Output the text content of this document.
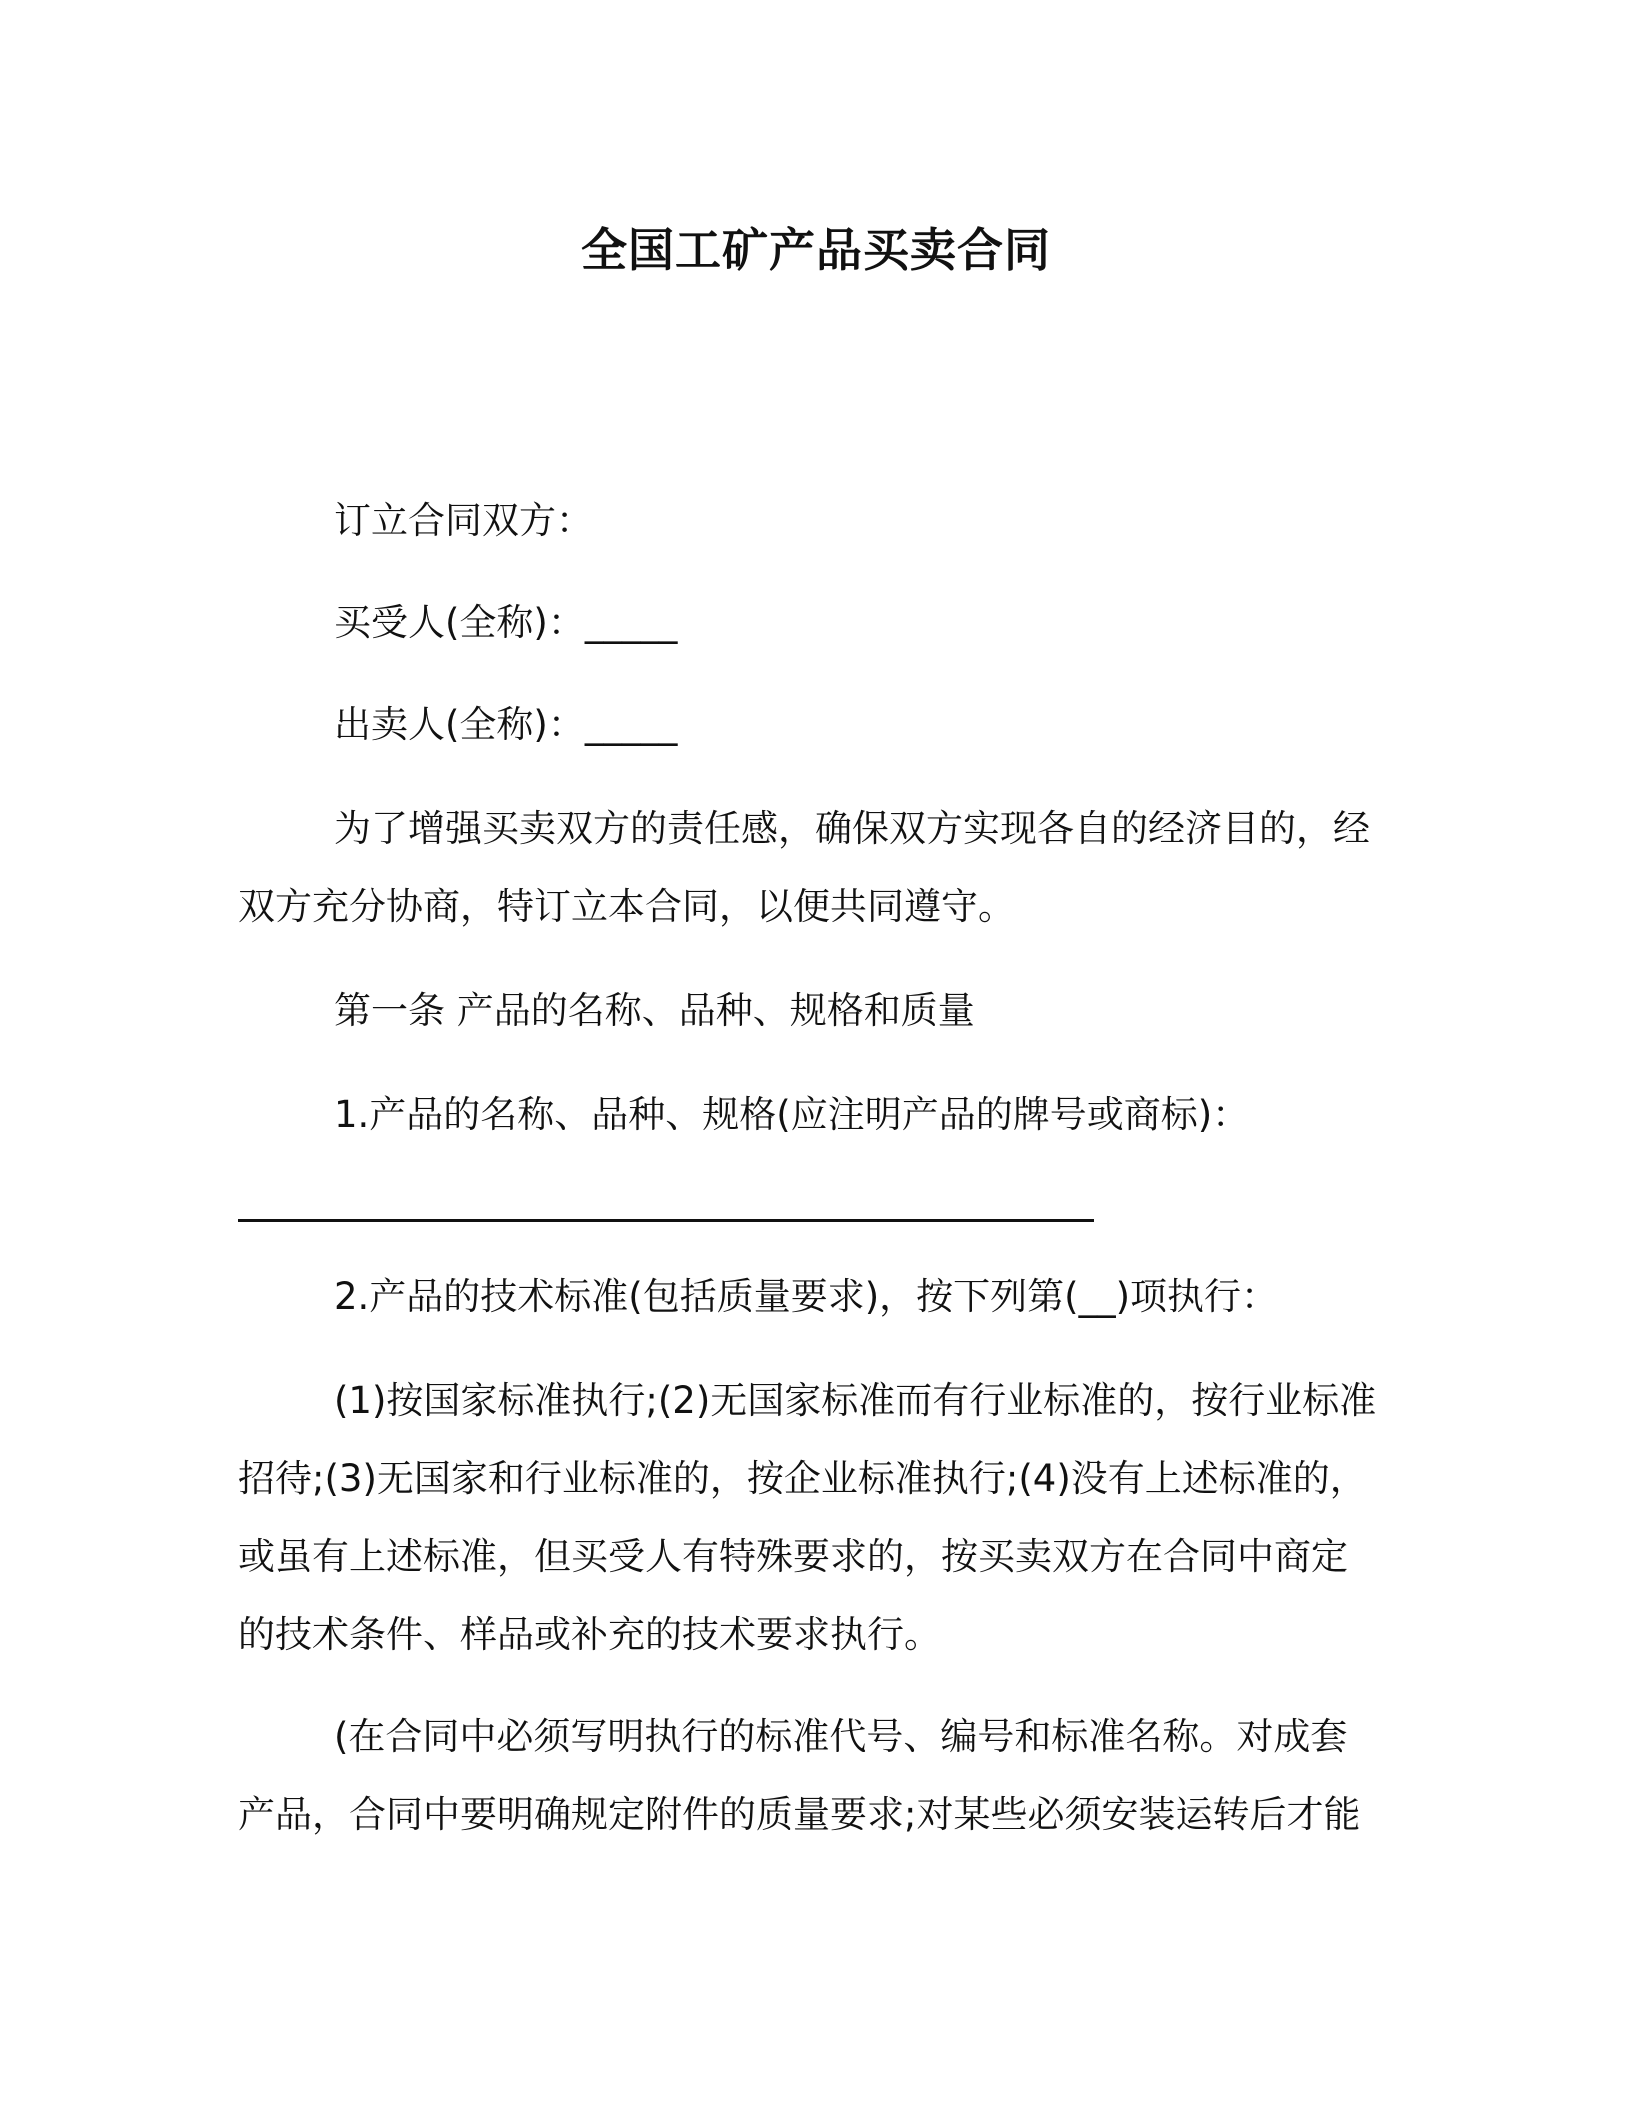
全国工矿产品买卖合同
订立合同双方：
买受人(全称)：_____
出卖人(全称)：_____
为了增强买卖双方的责任感，确保双方实现各自的经济目的，经
双方充分协商，特订立本合同，以便共同遵守。
第一条 产品的名称、品种、规格和质量
1.产品的名称、品种、规格(应注明产品的牌号或商标)：
2.产品的技术标准(包括质量要求)，按下列第(__)项执行：
(1)按国家标准执行;(2)无国家标准而有行业标准的，按行业标准
招待;(3)无国家和行业标准的，按企业标准执行;(4)没有上述标准的，
或虽有上述标准，但买受人有特殊要求的，按买卖双方在合同中商定
的技术条件、样品或补充的技术要求执行。
(在合同中必须写明执行的标准代号、编号和标准名称。对成套
产品，合同中要明确规定附件的质量要求;对某些必须安装运转后才能
